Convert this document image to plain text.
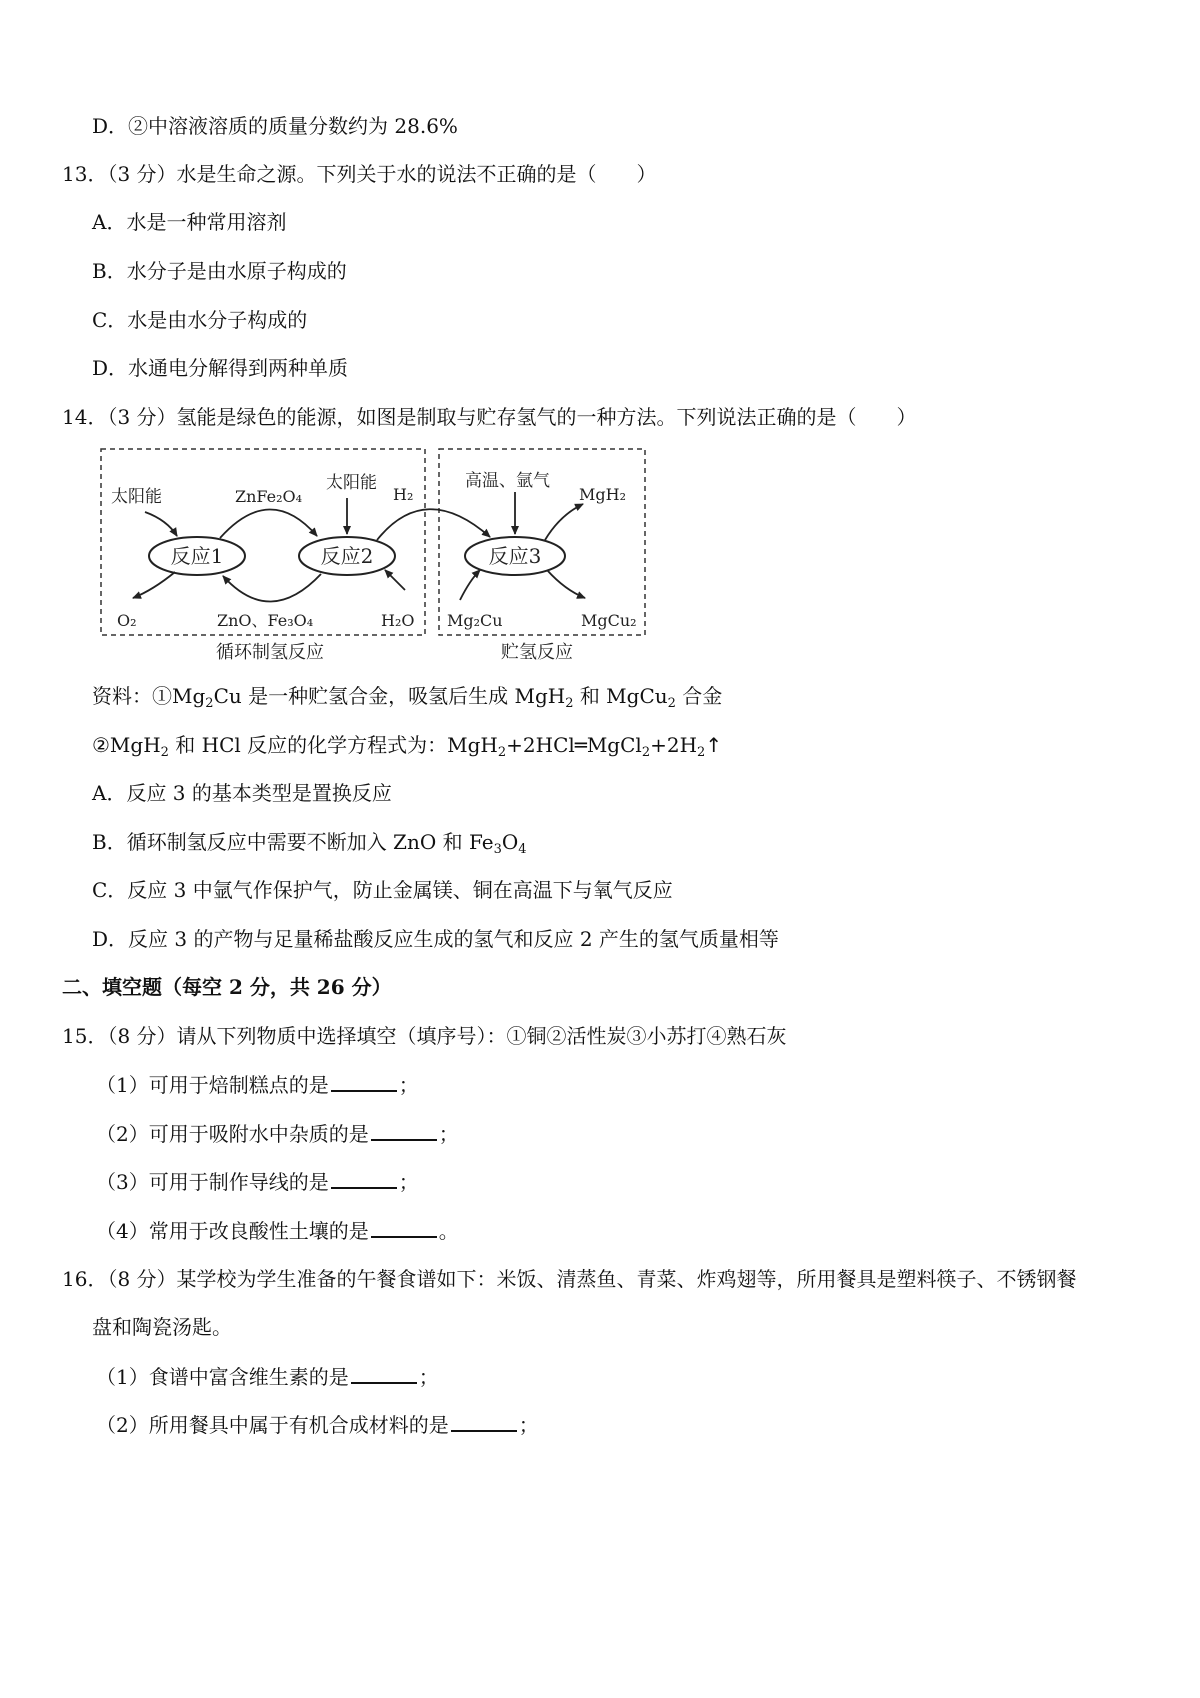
D．②中溶液溶质的质量分数约为 28.6%
13．（3 分）水是生命之源。下列关于水的说法不正确的是（　　）
A．水是一种常用溶剂
B．水分子是由水原子构成的
C．水是由水分子构成的
D．水通电分解得到两种单质
14．（3 分）氢能是绿色的能源，如图是制取与贮存氢气的一种方法。下列说法正确的是（　　）
反应1	反应2	反应3
太阳能	ZnFe₂O₄
太阳能
H₂
高温、氩气
MgH₂
O₂	ZnO、Fe₃O₄	H₂O Mg₂Cu	MgCu₂
循环制氢反应	贮氢反应
资料：$①Mg_2Cu$ 是一种贮氢合金，吸氢后生成 MgH$_2$ 和 MgCu$_2$ 合金
②MgH$_2$ 和 HCl 反应的化学方程式为：$MgH_2+2HCl═MgCl_2+2H_2↑$
A．反应 3 的基本类型是置换反应
B．循环制氢反应中需要不断加入 ZnO 和 $Fe_3O_4$
C．反应 3 中氩气作保护气，防止金属镁、铜在高温下与氧气反应
D．反应 3 的产物与足量稀盐酸反应生成的氢气和反应 2 产生的氢气质量相等
二、填空题（每空 2 分，共 26 分）
15．（8 分）请从下列物质中选择填空（填序号）：①铜②活性炭③小苏打④熟石灰
（1）可用于焙制糕点的是	；
（2）可用于吸附水中杂质的是	；
（3）可用于制作导线的是	；
（4）常用于改良酸性土壤的是	。
16．（8 分）某学校为学生准备的午餐食谱如下：米饭、清蒸鱼、青菜、炸鸡翅等，所用餐具是塑料筷子、不锈钢餐
盘和陶瓷汤匙。
（1）食谱中富含维生素的是	；
（2）所用餐具中属于有机合成材料的是	；
